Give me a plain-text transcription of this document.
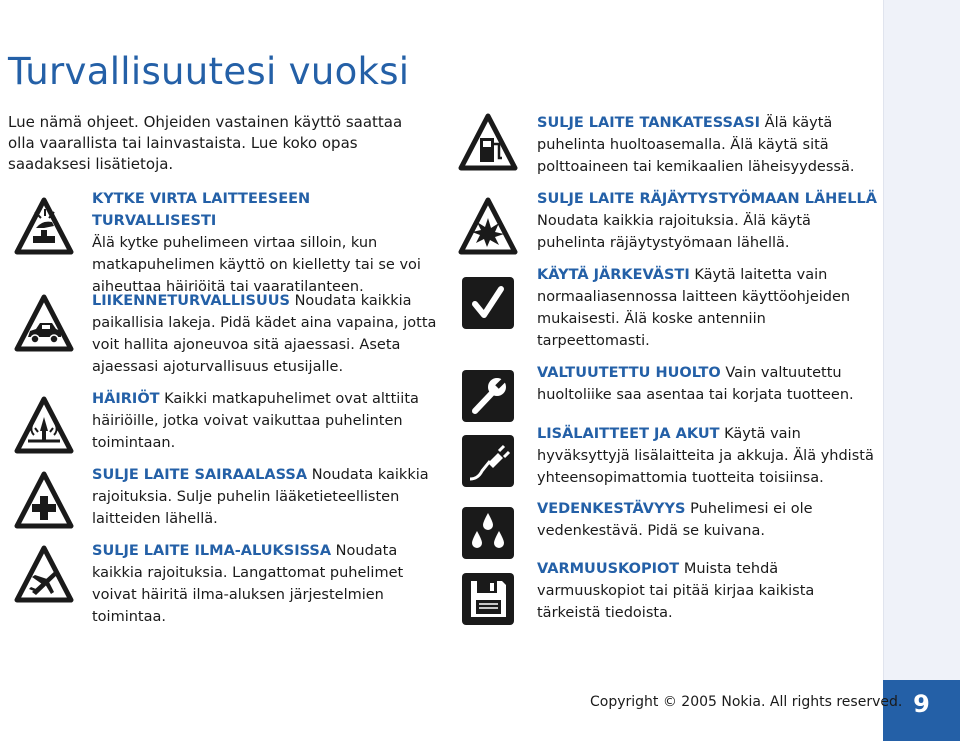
9
Turvallisuutesi vuoksi
Lue nämä ohjeet. Ohjeiden vastainen käyttö saattaa olla vaarallista tai lainvastaista. Lue koko opas saadaksesi lisätietoja.
KYTKE VIRTA LAITTEESEEN TURVALLISESTI
Älä kytke puhelimeen virtaa silloin, kun matkapuhelimen käyttö on kielletty tai se voi aiheuttaa häiriöitä tai vaaratilanteen.
LIIKENNETURVALLISUUS Noudata kaikkia paikallisia lakeja. Pidä kädet aina vapaina, jotta voit hallita ajoneuvoa sitä ajaessasi. Aseta ajaessasi ajoturvallisuus etusijalle.
HÄIRIÖT Kaikki matkapuhelimet ovat alttiita häiriöille, jotka voivat vaikuttaa puhelinten toimintaan.
SULJE LAITE SAIRAALASSA Noudata kaikkia rajoituksia. Sulje puhelin lääketieteellisten laitteiden lähellä.
SULJE LAITE ILMA-ALUKSISSA Noudata kaikkia rajoituksia. Langattomat puhelimet voivat häiritä ilma-aluksen järjestelmien toimintaa.
SULJE LAITE TANKATESSASI Älä käytä puhelinta huoltoasemalla. Älä käytä sitä polttoaineen tai kemikaalien läheisyydessä.
SULJE LAITE RÄJÄYTYSTYÖMAAN LÄHELLÄ Noudata kaikkia rajoituksia. Älä käytä puhelinta räjäytystyömaan lähellä.
KÄYTÄ JÄRKEVÄSTI Käytä laitetta vain normaaliasennossa laitteen käyttöohjeiden mukaisesti. Älä koske antenniin tarpeettomasti.
VALTUUTETTU HUOLTO Vain valtuutettu huoltoliike saa asentaa tai korjata tuotteen.
LISÄLAITTEET JA AKUT Käytä vain hyväksyttyjä lisälaitteita ja akkuja. Älä yhdistä yhteensopimattomia tuotteita toisiinsa.
VEDENKESTÄVYYS Puhelimesi ei ole vedenkestävä. Pidä se kuivana.
VARMUUSKOPIOT Muista tehdä varmuuskopiot tai pitää kirjaa kaikista tärkeistä tiedoista.
Copyright © 2005 Nokia. All rights reserved.
